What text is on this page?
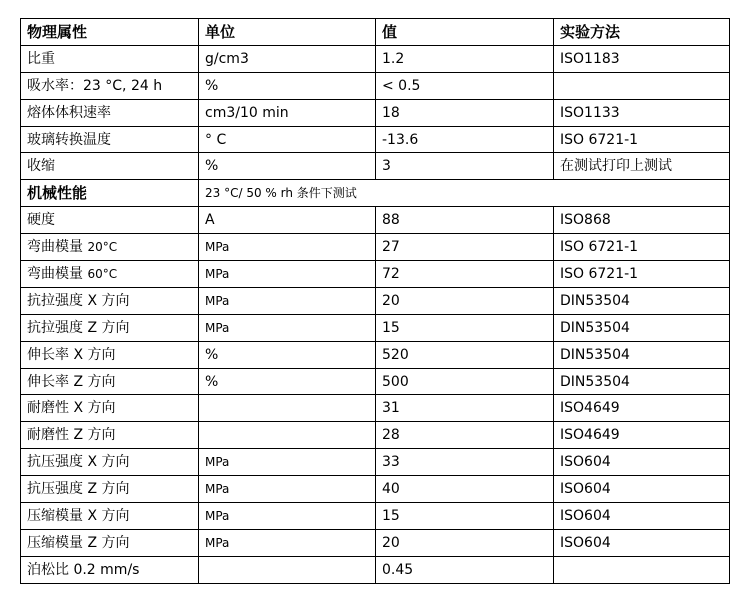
物理属性	单位	值	实验方法
比重	g/cm3	1.2	ISO1183
吸水率：23 °C, 24 h	%	< 0.5	
熔体体积速率	cm3/10 min	18	ISO1133
玻璃转换温度	° C	-13.6	ISO 6721-1
收缩	%	3	在测试打印上测试
机械性能	23 °C/ 50 % rh 条件下测试		
硬度	A	88	ISO868
弯曲模量 20°C	MPa	27	ISO 6721-1
弯曲模量 60°C	MPa	72	ISO 6721-1
抗拉强度 X 方向	MPa	20	DIN53504
抗拉强度 Z 方向	MPa	15	DIN53504
伸长率 X 方向	%	520	DIN53504
伸长率 Z 方向	%	500	DIN53504
耐磨性 X 方向		31	ISO4649
耐磨性 Z 方向		28	ISO4649
抗压强度 X 方向	MPa	33	ISO604
抗压强度 Z 方向	MPa	40	ISO604
压缩模量 X 方向	MPa	15	ISO604
压缩模量 Z 方向	MPa	20	ISO604
泊松比 0.2 mm/s		0.45	
